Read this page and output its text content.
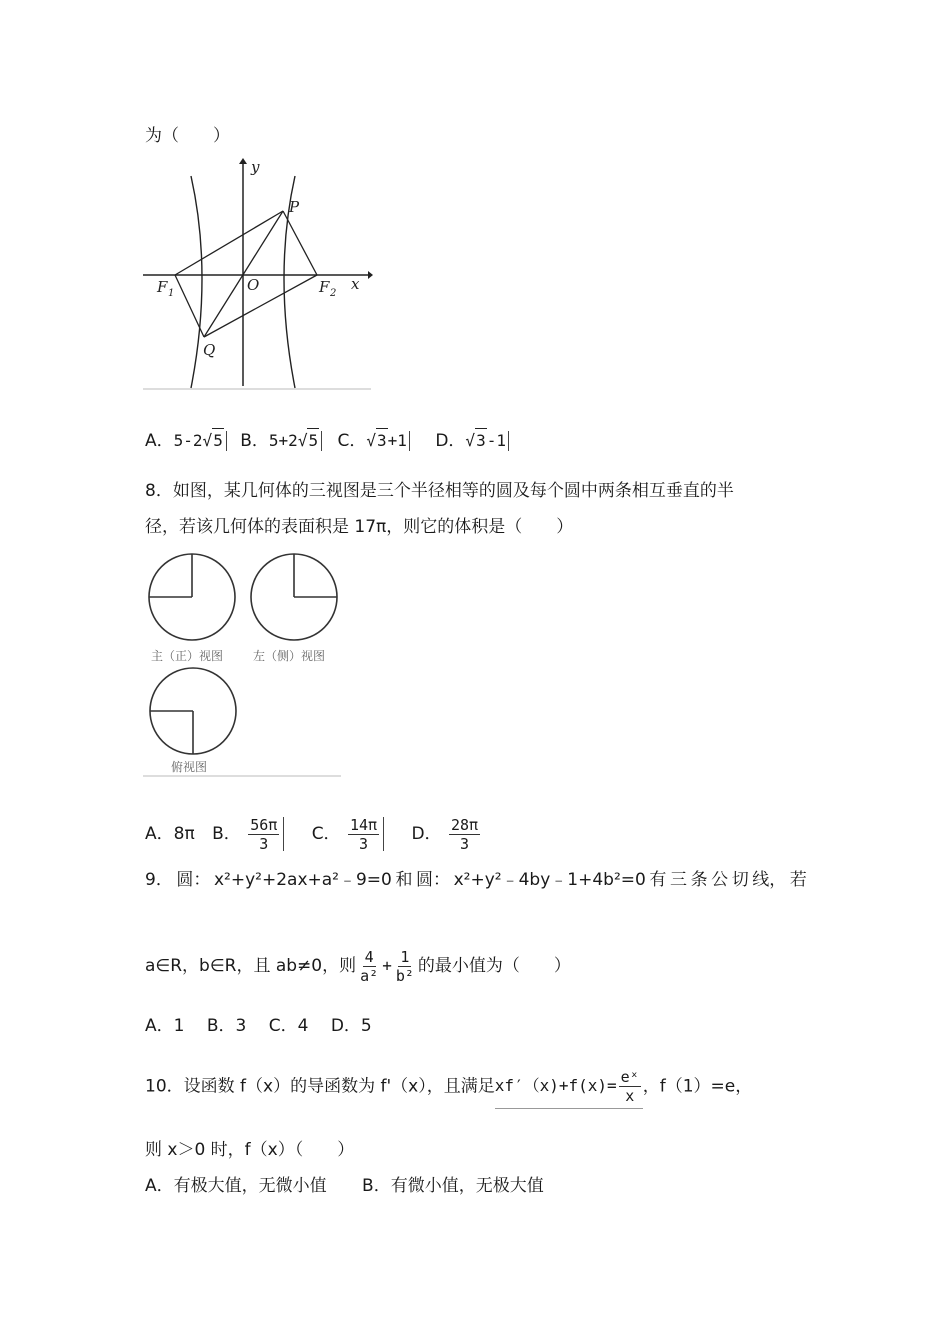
为（　　）
y
x
O
P
Q
F 1	F 2
A．5-2√5 B．5+2√5 C．√3+1 D．√3-1
8．如图，某几何体的三视图是三个半径相等的圆及每个圆中两条相互垂直的半
径，若该几何体的表面积是 17π，则它的体积是（　　）
主（正）视图 左（侧）视图
俯视图
A．8π B． $\frac{56\pi}{3}$ C． $\frac{14\pi}{3}$ D． $\frac{28\pi}{3}$
9． 圆： x²+y²+2ax+a²﹣9=0 和 圆： x²+y²﹣4by﹣1+4b²=0 有 三 条 公 切 线， 若
a∈R，b∈R，且 ab≠0，则 $\frac{4}{\text{a²}} + \frac{1}{\text{b²}}$ 的最小值为（　　）
A．1　 B．3　 C．4　 D．5
10．设函数 f（x）的导函数为 f'（x），且满足$xf'(x)+f(x)= \frac{\text{eˣ}}{x}$ ，f（1）=e，
则 x＞0 时，f（x）（　　）
A．有极大值，无微小值 B．有微小值，无极大值
